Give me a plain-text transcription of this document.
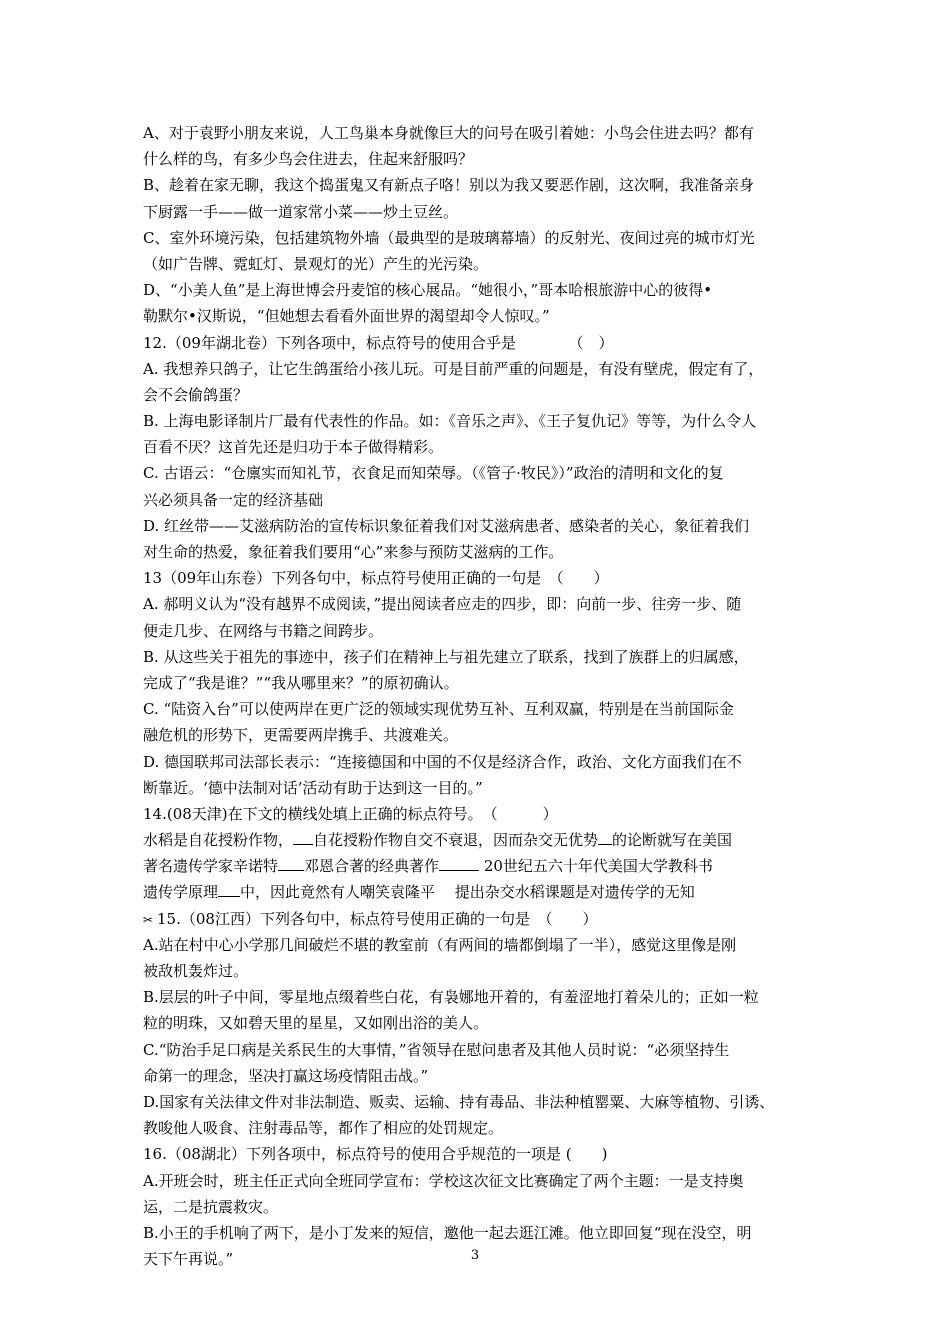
A、对于袁野小朋友来说，人工鸟巢本身就像巨大的问号在吸引着她：小鸟会住进去吗？都有
什么样的鸟，有多少鸟会住进去，住起来舒服吗？
B、趁着在家无聊，我这个捣蛋鬼又有新点子咯！别以为我又要恶作剧，这次啊，我准备亲身
下厨露一手——做一道家常小菜——炒土豆丝。
C、室外环境污染，包括建筑物外墙（最典型的是玻璃幕墙）的反射光、夜间过亮的城市灯光
（如广告牌、霓虹灯、景观灯的光）产生的光污染。
D、“小美人鱼”是上海世博会丹麦馆的核心展品。“她很小，”哥本哈根旅游中心的彼得•
勒默尔•汉斯说，“但她想去看看外面世界的渴望却令人惊叹。”
12.（09年湖北卷）下列各项中，标点符号的使用合乎是　　　　（　）
A. 我想养只鸽子，让它生鸽蛋给小孩儿玩。可是目前严重的问题是，有没有壁虎，假定有了，
会不会偷鸽蛋？
B. 上海电影译制片厂最有代表性的作品。如：《音乐之声》、《王子复仇记》等等，为什么令人
百看不厌？这首先还是归功于本子做得精彩。
C. 古语云：“仓廪实而知礼节，衣食足而知荣辱。（《管子·牧民》）”政治的清明和文化的复
兴必须具备一定的经济基础
D. 红丝带——艾滋病防治的宣传标识象征着我们对艾滋病患者、感染者的关心，象征着我们
对生命的热爱，象征着我们要用“心”来参与预防艾滋病的工作。
13（09年山东卷）下列各句中，标点符号使用正确的一句是　（　　）
A. 郝明义认为“没有越界不成阅读，”提出阅读者应走的四步，即：向前一步、往旁一步、随
便走几步、在网络与书籍之间跨步。
B. 从这些关于祖先的事迹中，孩子们在精神上与祖先建立了联系，找到了族群上的归属感，
完成了“我是谁？”“我从哪里来？”的原初确认。
C. “陆资入台”可以使两岸在更广泛的领域实现优势互补、互利双赢，特别是在当前国际金
融危机的形势下，更需要两岸携手、共渡难关。
D. 德国联邦司法部长表示：“连接德国和中国的不仅是经济合作，政治、文化方面我们在不
断靠近。‘德中法制对话’活动有助于达到这一目的。”
14.(08天津)在下文的横线处填上正确的标点符号。　（　　　）
水稻是自花授粉作物， 自花授粉作物自交不衰退，因而杂交无优势 的论断就写在美国
著名遗传学家辛诺特 邓恩合著的经典著作	20世纪五六十年代美国大学教科书
遗传学原理 中，因此竟然有人嘲笑袁隆平　 提出杂交水稻课题是对遗传学的无知
✂ 15.（08江西）下列各句中，标点符号使用正确的一句是　（　　）
A.站在村中心小学那几间破烂不堪的教室前（有两间的墙都倒塌了一半），感觉这里像是刚
被敌机轰炸过。
B.层层的叶子中间，零星地点缀着些白花，有袅娜地开着的，有羞涩地打着朵儿的；正如一粒
粒的明珠，又如碧天里的星星，又如刚出浴的美人。
C.“防治手足口病是关系民生的大事情，”省领导在慰问患者及其他人员时说：“必须坚持生
命第一的理念，坚决打赢这场疫情阻击战。”
D.国家有关法律文件对非法制造、贩卖、运输、持有毒品、非法种植罂粟、大麻等植物、引诱、
教唆他人吸食、注射毒品等，都作了相应的处罚规定。
16.（08湖北）下列各项中，标点符号的使用合乎规范的一项是 (　　)
A.开班会时，班主任正式向全班同学宣布：学校这次征文比赛确定了两个主题：一是支持奥
运，二是抗震救灾。
B.小王的手机响了两下，是小丁发来的短信，邀他一起去逛江滩。他立即回复“现在没空，明
天下午再说。”	3
